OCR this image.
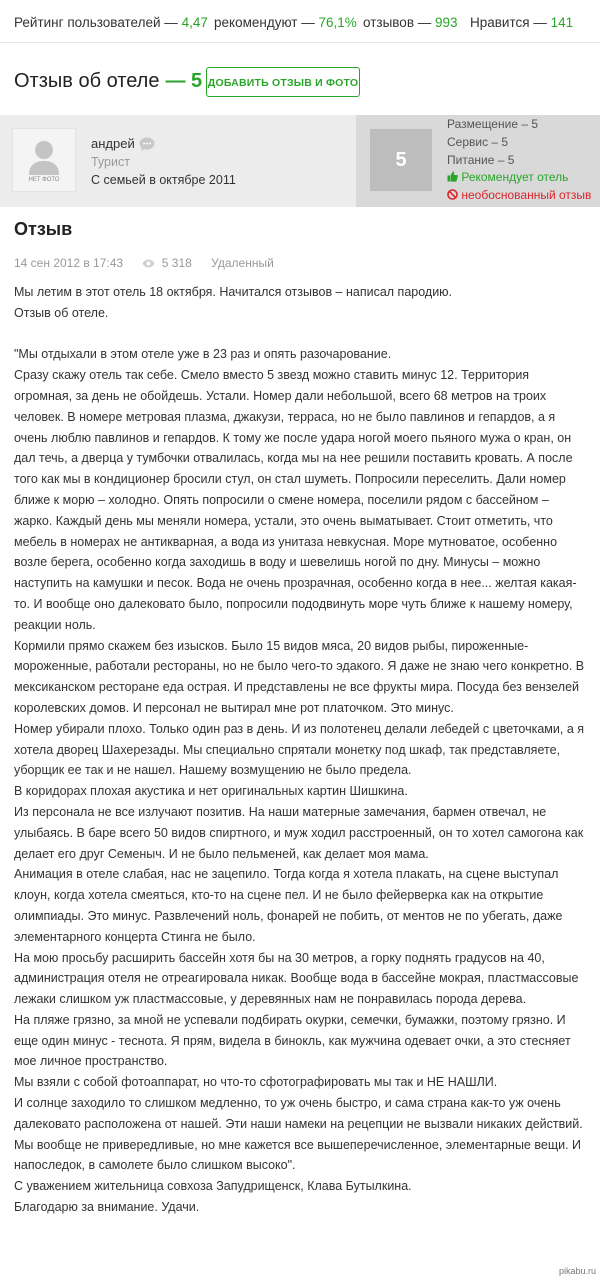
Рейтинг пользователей — 4,47 рекомендуют — 76,1% отзывов — 993 Нравится — 141
Отзыв об отеле — 5 ДОБАВИТЬ ОТЗЫВ И ФОТО
НЕТ ФОТО
андрей
Турист
С семьей в октябре 2011
5
Размещение – 5
Сервис – 5
Питание – 5
Рекомендует отель
необоснованный отзыв
Отзыв
14 сен 2012 в 17:43	5 318 Удаленный

Мы летим в этот отель 18 октября. Начитался отзывов – написал пародию.

Отзыв об отеле.

"Мы отдыхали в этом отеле уже в 23 раз и опять разочарование.

Сразу скажу отель так себе. Смело вместо 5 звезд можно ставить минус 12. Территория огромная, за день не обойдешь. Устали. Номер дали небольшой, всего 68 метров на троих человек. В номере метровая плазма, джакузи, терраса, но не было павлинов и гепардов, а я очень люблю павлинов и гепардов. К тому же после удара ногой моего пьяного мужа о кран, он дал течь, а дверца у тумбочки отвалилась, когда мы на нее решили поставить кровать. А после того как мы в кондиционер бросили стул, он стал шуметь. Попросили переселить. Дали номер ближе к морю – холодно. Опять попросили о смене номера, поселили рядом с бассейном – жарко. Каждый день мы меняли номера, устали, это очень выматывает. Стоит отметить, что мебель в номерах не антикварная, а вода из унитаза невкусная. Море мутноватое, особенно возле берега, особенно когда заходишь в воду и шевелишь ногой по дну. Минусы – можно наступить на камушки и песок. Вода не очень прозрачная, особенно когда в нее... желтая какая-то. И вообще оно далековато было, попросили пододвинуть море чуть ближе к нашему номеру, реакции ноль.

Кормили прямо скажем без изысков. Было 15 видов мяса, 20 видов рыбы, пироженные-мороженные, работали рестораны, но не было чего-то эдакого. Я даже не знаю чего конкретно. В мексиканском ресторане еда острая. И представлены не все фрукты мира. Посуда без вензелей королевских домов. И персонал не вытирал мне рот платочком. Это минус.

Номер убирали плохо. Только один раз в день. И из полотенец делали лебедей с цветочками, а я хотела дворец Шахерезады. Мы специально спрятали монетку под шкаф, так представляете, уборщик ее так и не нашел. Нашему возмущению не было предела.

В коридорах плохая акустика и нет оригинальных картин Шишкина.

Из персонала не все излучают позитив. На наши матерные замечания, бармен отвечал, не улыбаясь. В баре всего 50 видов спиртного, и муж ходил расстроенный, он то хотел самогона как делает его друг Семеныч. И не было пельменей, как делает моя мама.

Анимация в отеле слабая, нас не зацепило. Тогда когда я хотела плакать, на сцене выступал клоун, когда хотела смеяться, кто-то на сцене пел. И не было фейерверка как на открытие олимпиады. Это минус. Развлечений ноль, фонарей не побить, от ментов не по убегать, даже элементарного концерта Стинга не было.

На мою просьбу расширить бассейн хотя бы на 30 метров, а горку поднять градусов на 40, администрация отеля не отреагировала никак. Вообще вода в бассейне мокрая, пластмассовые лежаки слишком уж пластмассовые, у деревянных нам не понравилась порода дерева.

На пляже грязно, за мной не успевали подбирать окурки, семечки, бумажки, поэтому грязно. И еще один минус - теснота. Я прям, видела в бинокль, как мужчина одевает очки, а это стесняет мое личное пространство.

Мы взяли с собой фотоаппарат, но что-то сфотографировать мы так и НЕ НАШЛИ.

И солнце заходило то слишком медленно, то уж очень быстро, и сама страна как-то уж очень далековато расположена от нашей. Эти наши намеки на рецепции не вызвали никаких действий.

Мы вообще не привередливые, но мне кажется все вышеперечисленное, элементарные вещи. И напоследок, в самолете было слишком высоко".

С уважением жительница совхоза Запудрищенск, Клава Бутылкина.

Благодарю за внимание. Удачи.

pikabu.ru
